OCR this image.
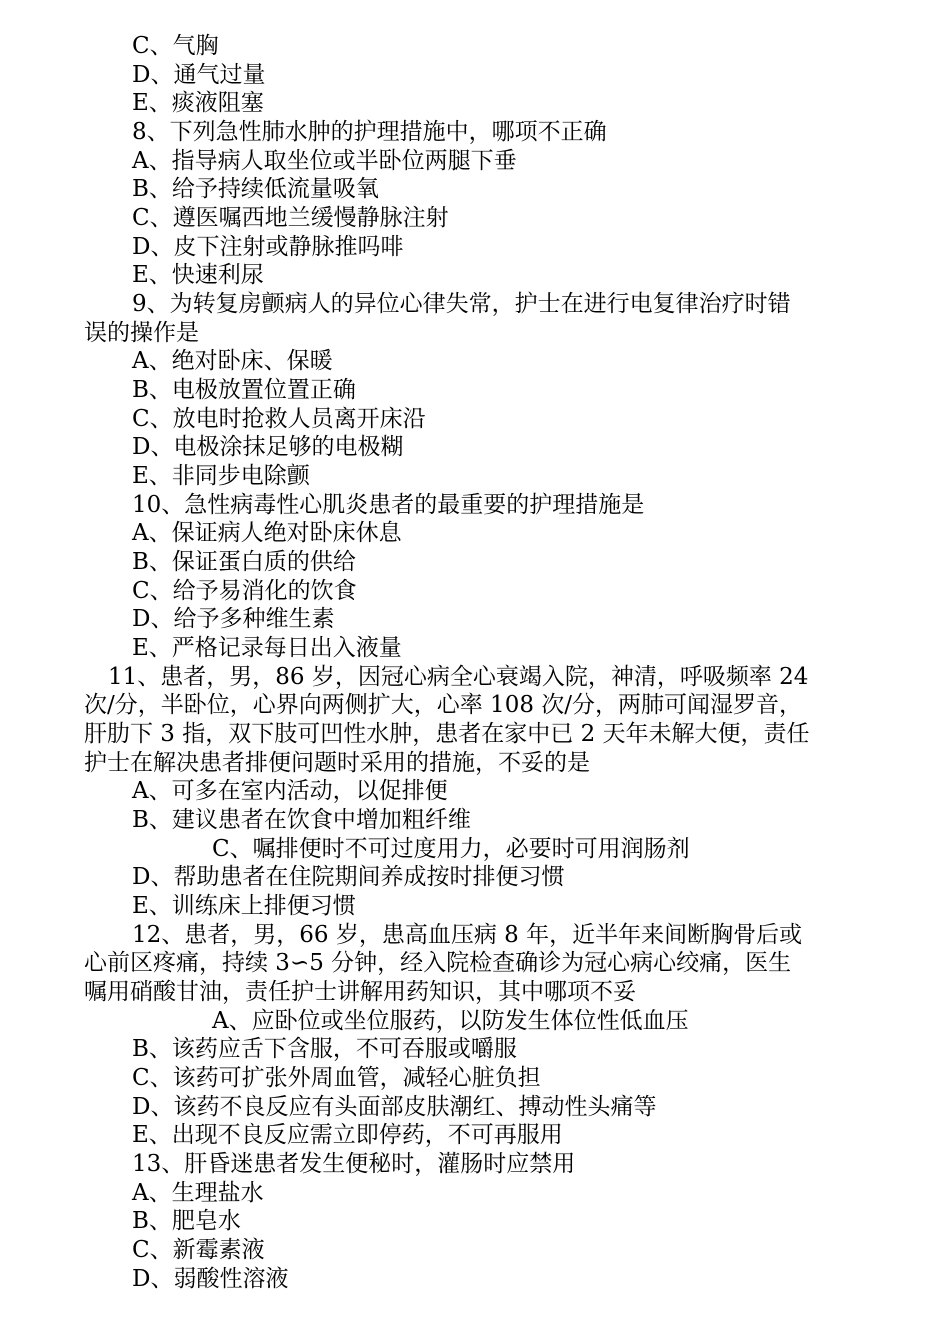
C、气胸
D、通气过量
E、痰液阻塞
8、下列急性肺水肿的护理措施中，哪项不正确
A、指导病人取坐位或半卧位两腿下垂
B、给予持续低流量吸氧
C、遵医嘱西地兰缓慢静脉注射
D、皮下注射或静脉推吗啡
E、快速利尿
9、为转复房颤病人的异位心律失常，护士在进行电复律治疗时错
误的操作是
A、绝对卧床、保暖
B、电极放置位置正确
C、放电时抢救人员离开床沿
D、电极涂抹足够的电极糊
E、非同步电除颤
10、急性病毒性心肌炎患者的最重要的护理措施是
A、保证病人绝对卧床休息
B、保证蛋白质的供给
C、给予易消化的饮食
D、给予多种维生素
E、严格记录每日出入液量
11、患者，男，86 岁，因冠心病全心衰竭入院，神清，呼吸频率 24
次/分，半卧位，心界向两侧扩大，心率 108 次/分，两肺可闻湿罗音，
肝肋下 3 指，双下肢可凹性水肿，患者在家中已 2 天年未解大便，责任
护士在解决患者排便问题时采用的措施，不妥的是
A、可多在室内活动，以促排便
B、建议患者在饮食中增加粗纤维
C、嘱排便时不可过度用力，必要时可用润肠剂
D、帮助患者在住院期间养成按时排便习惯
E、训练床上排便习惯
12、患者，男，66 岁，患高血压病 8 年，近半年来间断胸骨后或
心前区疼痛，持续 3∽5 分钟，经入院检查确诊为冠心病心绞痛，医生
嘱用硝酸甘油，责任护士讲解用药知识，其中哪项不妥
A、应卧位或坐位服药，以防发生体位性低血压
B、该药应舌下含服，不可吞服或嚼服
C、该药可扩张外周血管，减轻心脏负担
D、该药不良反应有头面部皮肤潮红、搏动性头痛等
E、出现不良反应需立即停药，不可再服用
13、肝昏迷患者发生便秘时，灌肠时应禁用
A、生理盐水
B、肥皂水
C、新霉素液
D、弱酸性溶液
